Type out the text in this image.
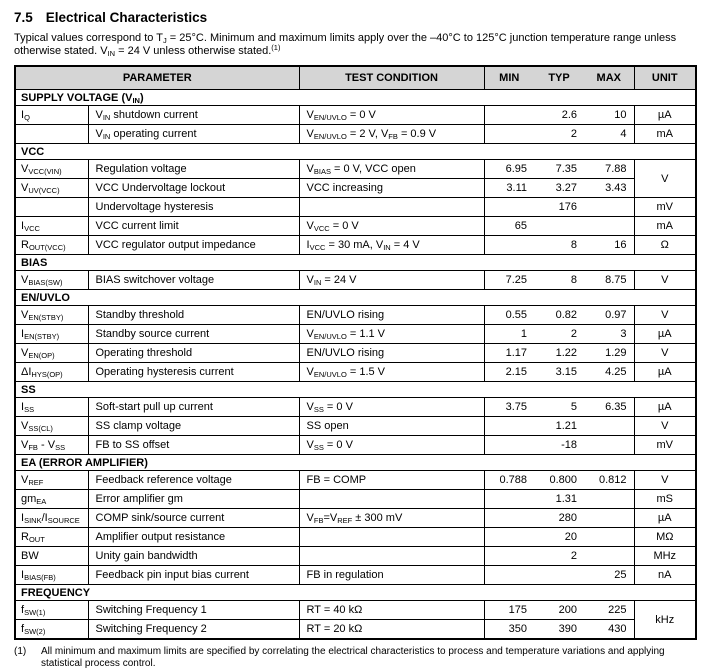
7.5 Electrical Characteristics
Typical values correspond to $T_J = 25^\circ C$. Minimum and maximum limits apply over the –40°C to 125°C junction temperature range unless otherwise stated. $V_{IN} = 24$ V unless otherwise stated.$^{(1)}$
PARAMETER		TEST CONDITION	MIN	TYP	MAX	UNIT
SUPPLY VOLTAGE $(V_{IN})$						
$I_Q$	$V_{IN}$ shutdown current	$V_{EN/UVLO} = 0$ V		2.6	10	µA
	$V_{IN}$ operating current	$V_{EN/UVLO} = 2$ V, $V_{FB} = 0.9$ V		2	4	mA
VCC						
$V_{VCC(VIN)}$	Regulation voltage	$V_{BIAS} = 0$ V, VCC open	6.95	7.35	7.88	V
$V_{UV(VCC)}$	VCC Undervoltage lockout	VCC increasing	3.11	3.27	3.43	
	Undervoltage hysteresis			176		mV
$I_{VCC}$	VCC current limit	$V_{VCC} = 0$ V	65			mA
$R_{OUT(VCC)}$	VCC regulator output impedance	$I_{VCC} = 30$ mA, $V_{IN} = 4$ V		8	16	Ω
BIAS						
$V_{BIAS(SW)}$	BIAS switchover voltage	$V_{IN} = 24$ V	7.25	8	8.75	V
EN/UVLO						
$V_{EN(STBY)}$	Standby threshold	EN/UVLO rising	0.55	0.82	0.97	V
$I_{EN(STBY)}$	Standby source current	$V_{EN/UVLO} = 1.1$ V	1	2	3	µA
$V_{EN(OP)}$	Operating threshold	EN/UVLO rising	1.17	1.22	1.29	V
$\Delta I_{HYS(OP)}$	Operating hysteresis current	$V_{EN/UVLO} = 1.5$ V	2.15	3.15	4.25	µA
SS						
$I_{SS}$	Soft-start pull up current	$V_{SS} = 0$ V	3.75	5	6.35	µA
$V_{SS(CL)}$	SS clamp voltage	SS open		1.21		V
$V_{FB} - V_{SS}$	FB to SS offset	$V_{SS} = 0$ V		-18		mV
EA (ERROR AMPLIFIER)						
$V_{REF}$	Feedback reference voltage	FB = COMP	0.788	0.800	0.812	V
$gm_{EA}$	Error amplifier gm			1.31		mS
$I_{SINK}/I_{SOURCE}$	COMP sink/source current	$V_{FB}=V_{REF} \pm 300$ mV		280		µA
$R_{OUT}$	Amplifier output resistance			20		MΩ
BW	Unity gain bandwidth			2		MHz
$I_{BIAS(FB)}$	Feedback pin input bias current	FB in regulation			25	nA
FREQUENCY						
$f_{SW(1)}$	Switching Frequency 1	RT = 40 kΩ	175	200	225	kHz
$f_{SW(2)}$	Switching Frequency 2	RT = 20 kΩ	350	390	430	
(1)	All minimum and maximum limits are specified by correlating the electrical characteristics to process and temperature variations and applying statistical process control.
